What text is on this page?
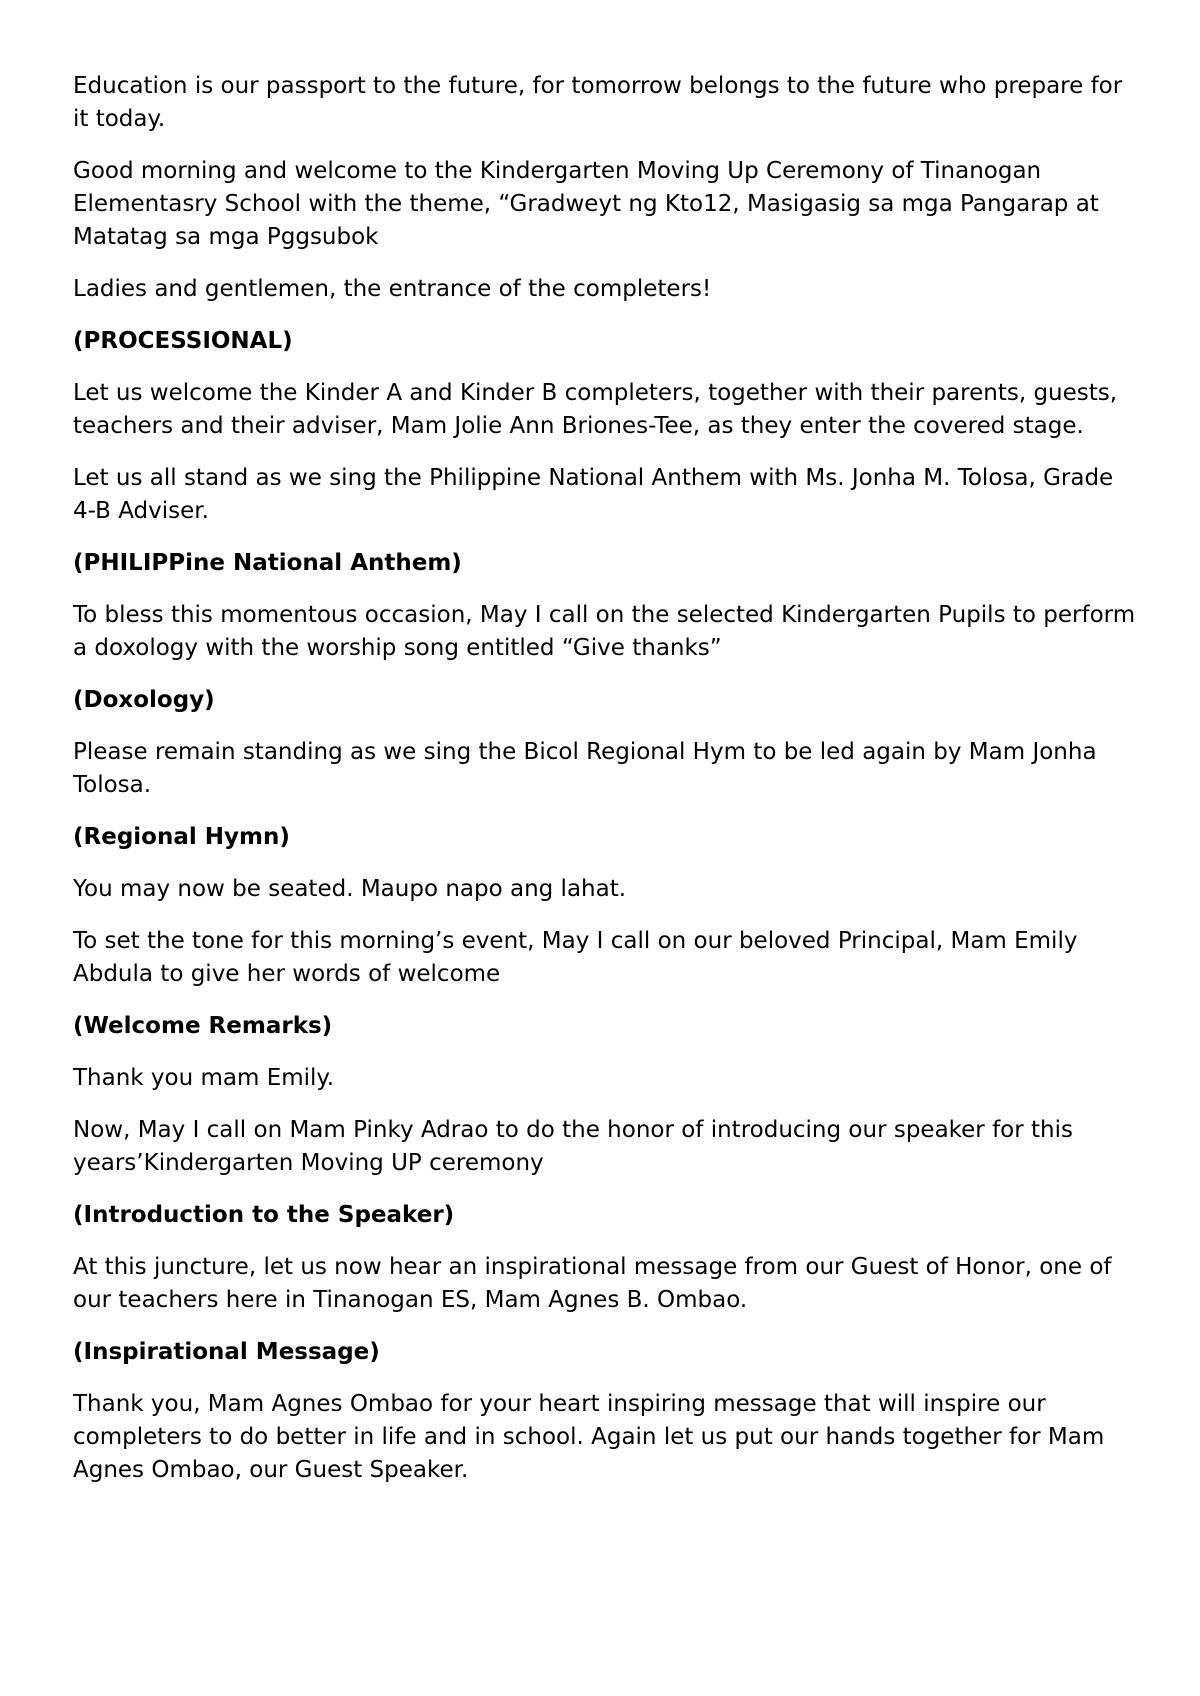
Education is our passport to the future, for tomorrow belongs to the future who prepare for it today.

Good morning and welcome to the Kindergarten Moving Up Ceremony of Tinanogan Elementasry School with the theme, “Gradweyt ng Kto12, Masigasig sa mga Pangarap at Matatag sa mga Pggsubok

Ladies and gentlemen, the entrance of the completers!

(PROCESSIONAL)

Let us welcome the Kinder A and Kinder B completers, together with their parents, guests, teachers and their adviser, Mam Jolie Ann Briones-Tee, as they enter the covered stage.

Let us all stand as we sing the Philippine National Anthem with Ms. Jonha M. Tolosa, Grade 4-B Adviser.

(PHILIPPine National Anthem)

To bless this momentous occasion, May I call on the selected Kindergarten Pupils to perform a doxology with the worship song entitled “Give thanks”

(Doxology)

Please remain standing as we sing the Bicol Regional Hym to be led again by Mam Jonha Tolosa.

(Regional Hymn)

You may now be seated. Maupo napo ang lahat.

To set the tone for this morning’s event, May I call on our beloved Principal, Mam Emily Abdula to give her words of welcome

(Welcome Remarks)

Thank you mam Emily.

Now, May I call on Mam Pinky Adrao to do the honor of introducing our speaker for this years’Kindergarten Moving UP ceremony

(Introduction to the Speaker)

At this juncture, let us now hear an inspirational message from our Guest of Honor, one of our teachers here in Tinanogan ES, Mam Agnes B. Ombao.

(Inspirational Message)

Thank you, Mam Agnes Ombao for your heart inspiring message that will inspire our completers to do better in life and in school. Again let us put our hands together for Mam Agnes Ombao, our Guest Speaker.
